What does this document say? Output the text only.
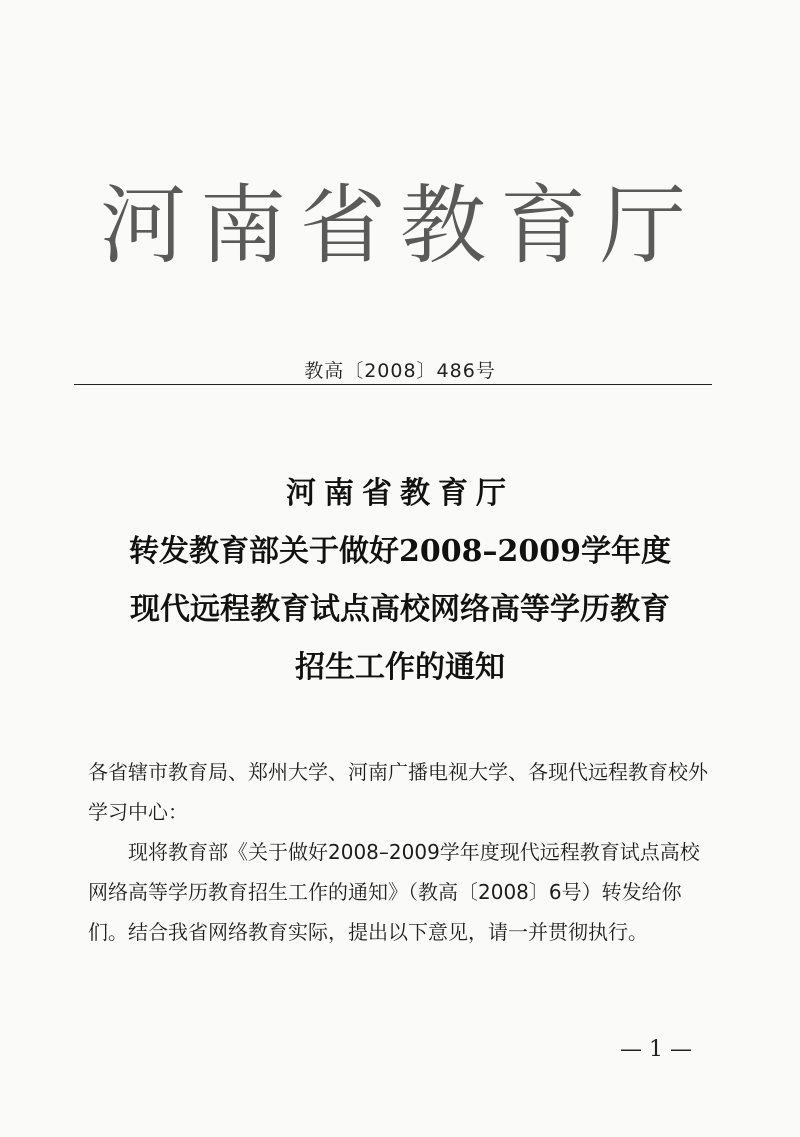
河南省教育厅
教高〔2008〕486号
河南省教育厅
转发教育部关于做好2008–2009学年度
现代远程教育试点高校网络高等学历教育
招生工作的通知

各省辖市教育局、郑州大学、河南广播电视大学、各现代远程教育校外学习中心：

现将教育部《关于做好2008–2009学年度现代远程教育试点高校网络高等学历教育招生工作的通知》（教高〔2008〕6号）转发给你们。结合我省网络教育实际，提出以下意见，请一并贯彻执行。

— 1 —
